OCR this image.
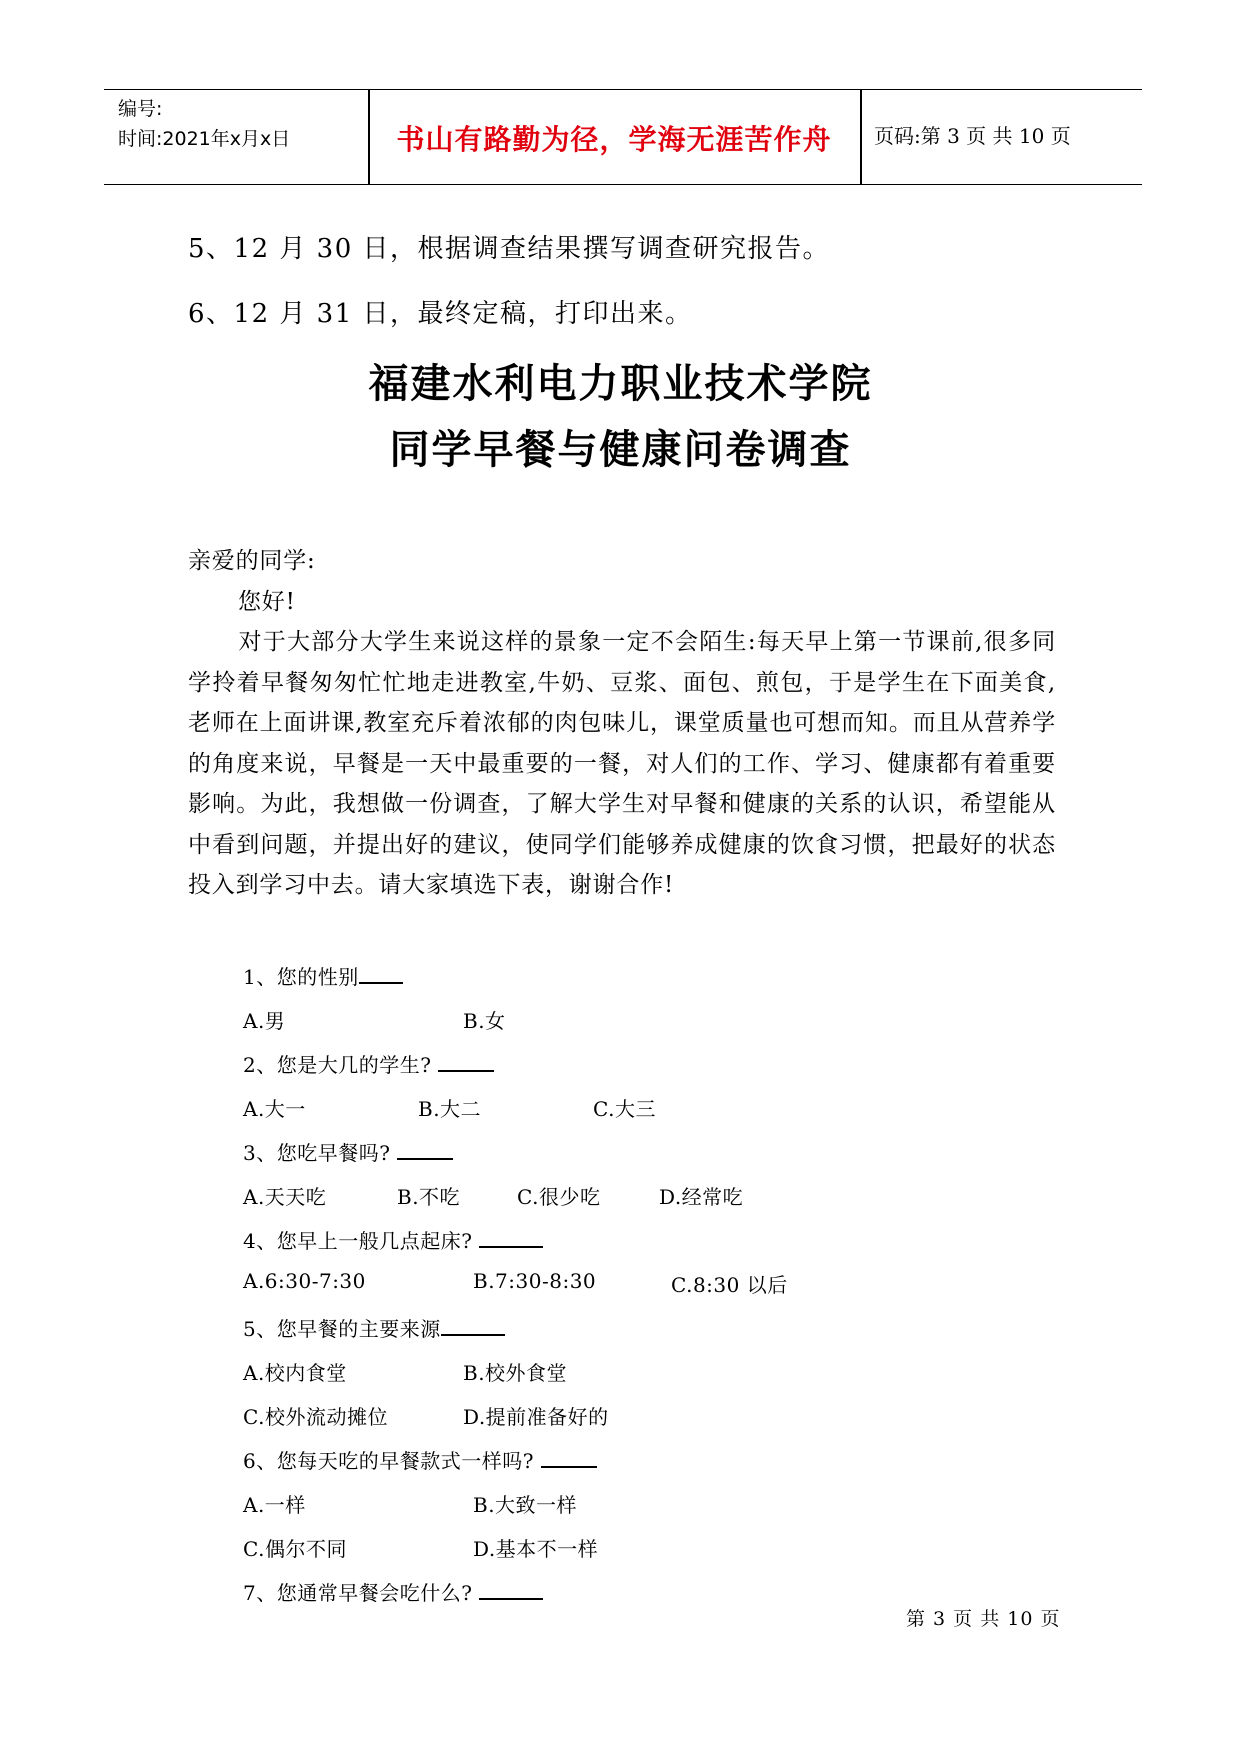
编号:
时间:2021年x月x日	书山有路勤为径，学海无涯苦作舟	页码:第 3 页 共 10 页
5、12 月 30 日，根据调查结果撰写调查研究报告。
6、12 月 31 日，最终定稿，打印出来。
福建水利电力职业技术学院
同学早餐与健康问卷调查
亲爱的同学:
您好!
对于大部分大学生来说这样的景象一定不会陌生:每天早上第一节课前,很多同学拎着早餐匆匆忙忙地走进教室,牛奶、豆浆、面包、煎包，于是学生在下面美食,老师在上面讲课,教室充斥着浓郁的肉包味儿，课堂质量也可想而知。而且从营养学的角度来说，早餐是一天中最重要的一餐，对人们的工作、学习、健康都有着重要影响。为此，我想做一份调查，了解大学生对早餐和健康的关系的认识，希望能从中看到问题，并提出好的建议，使同学们能够养成健康的饮食习惯，把最好的状态投入到学习中去。请大家填选下表，谢谢合作!
1、您的性别
A.男	B.女
2、您是大几的学生?
A.大一	B.大二	C.大三
3、您吃早餐吗?
A.天天吃	B.不吃	C.很少吃	D.经常吃
4、您早上一般几点起床?
A.6:30-7:30	B.7:30-8:30	C.8:30 以后
5、您早餐的主要来源
A.校内食堂	B.校外食堂
C.校外流动摊位	D.提前准备好的
6、您每天吃的早餐款式一样吗?
A.一样	B.大致一样
C.偶尔不同	D.基本不一样
7、您通常早餐会吃什么?
第 3 页 共 10 页
